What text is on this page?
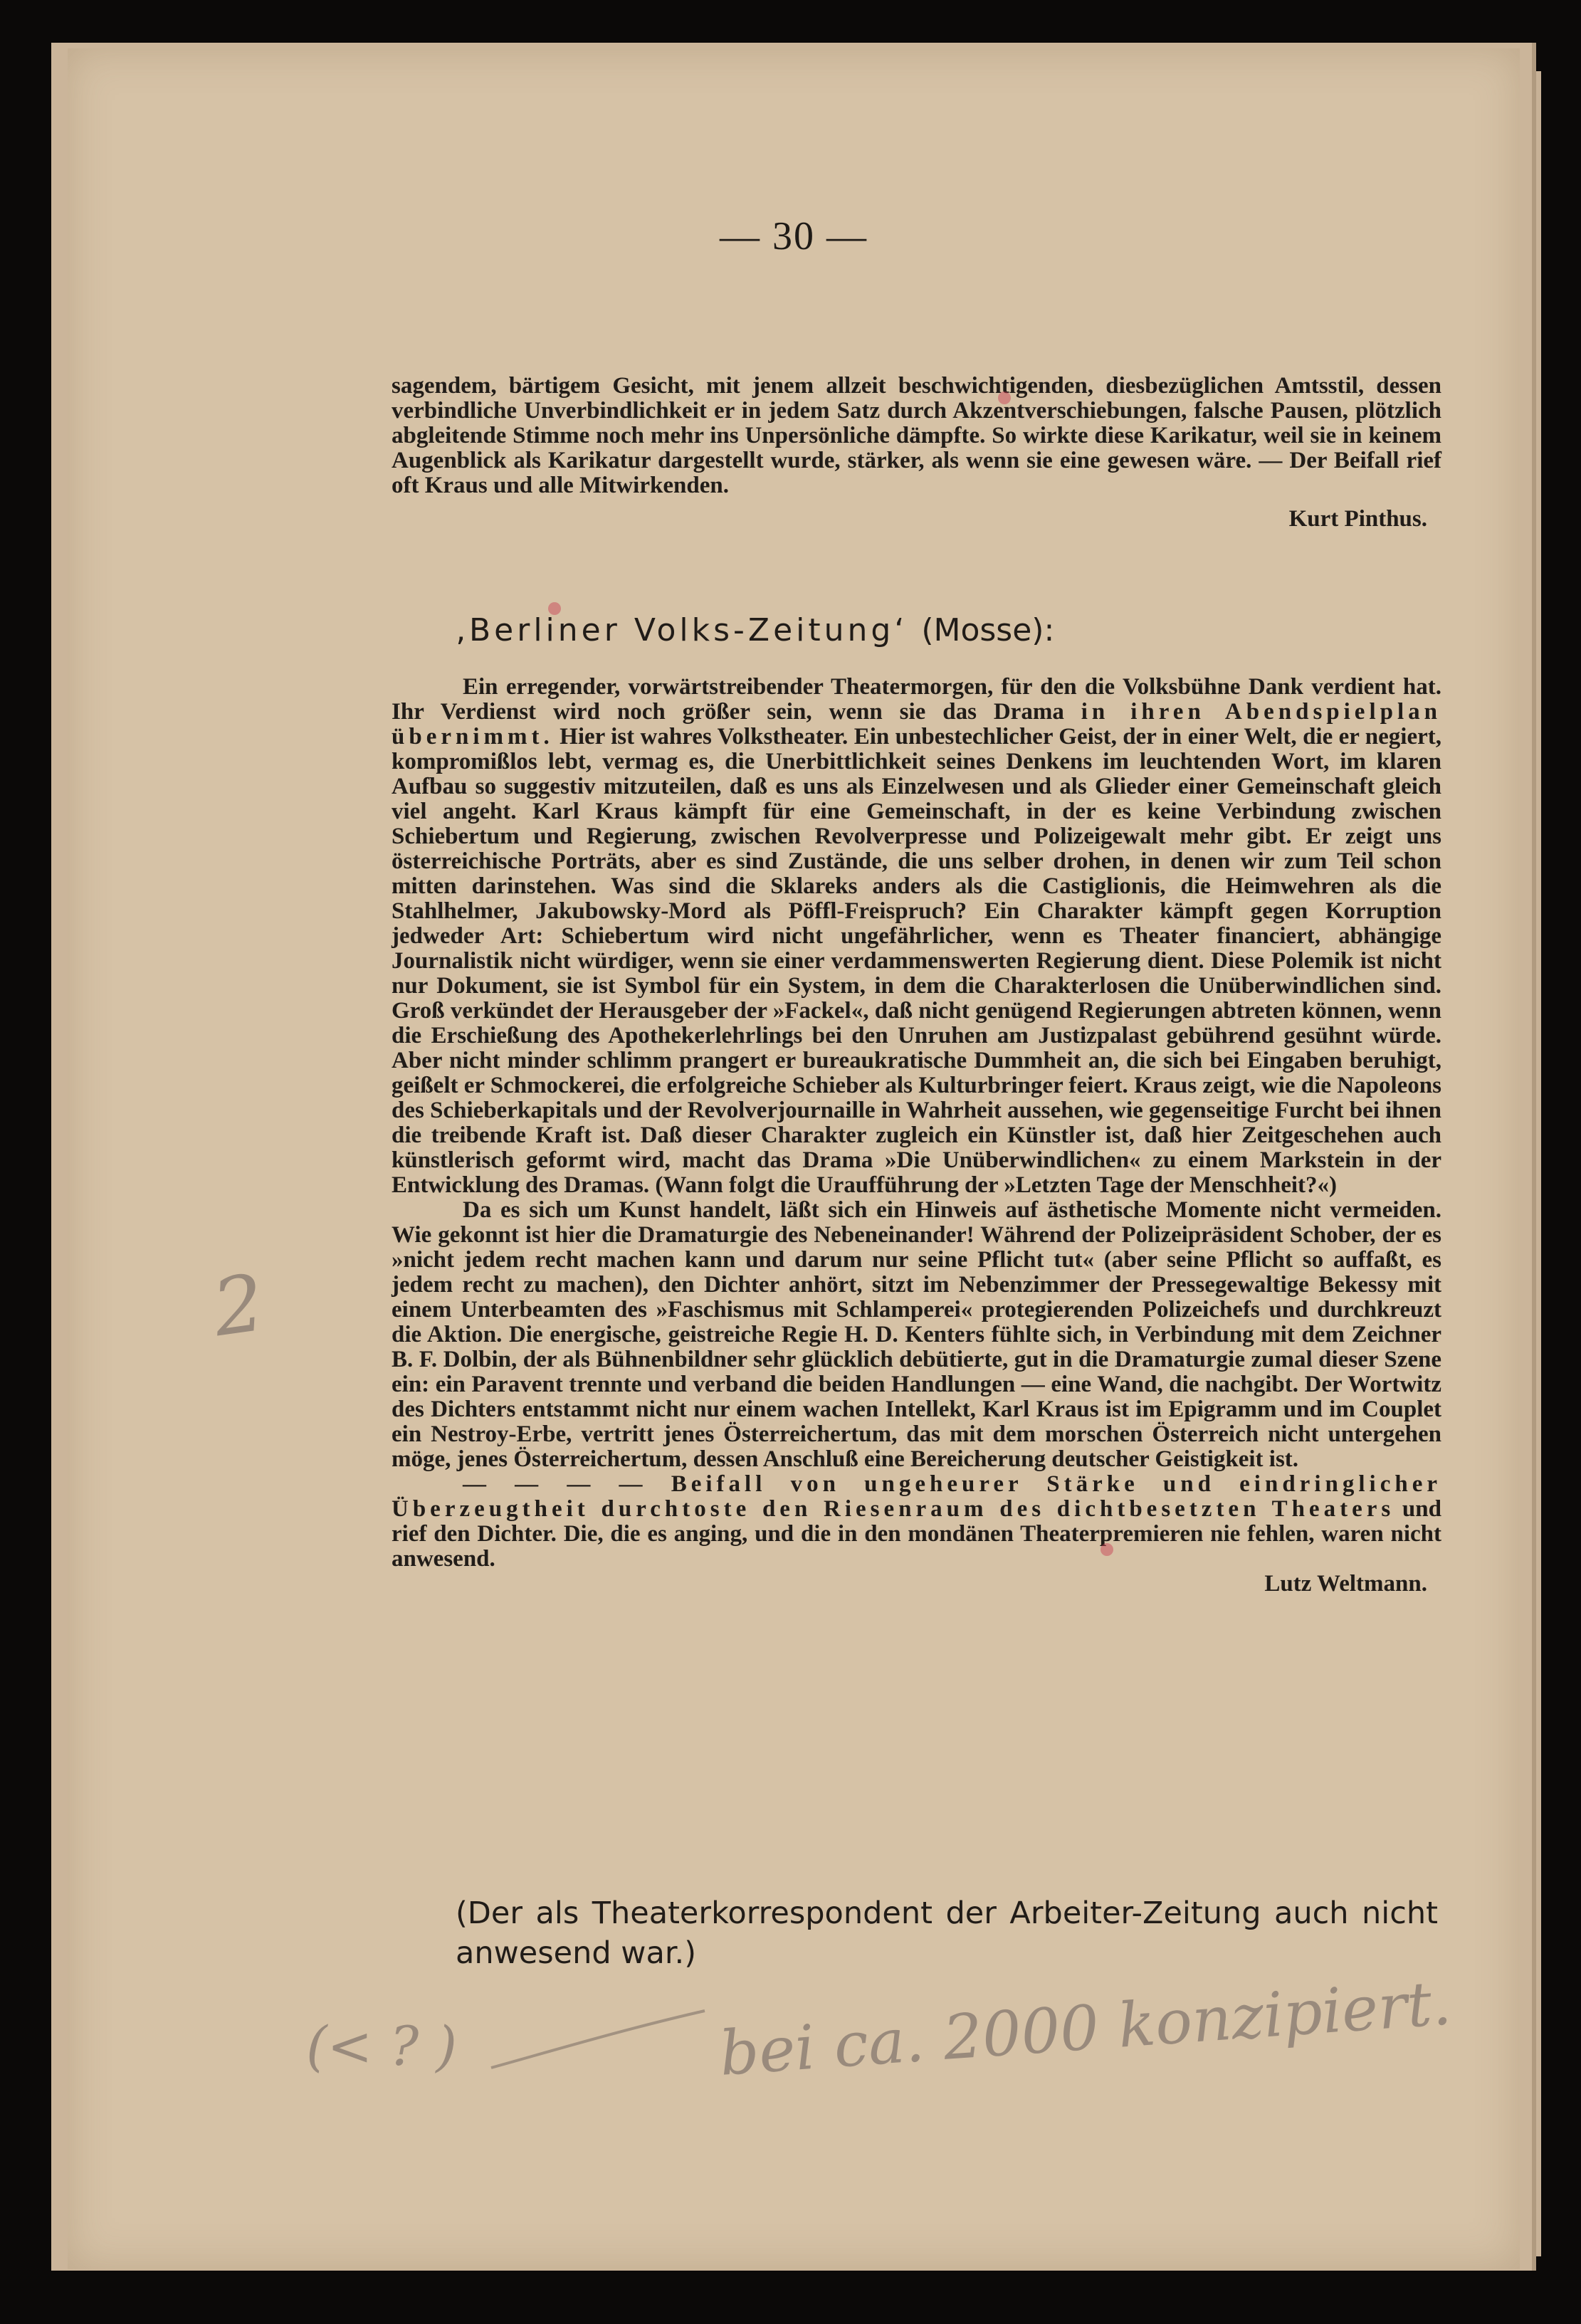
— 30 —

sagendem, bärtigem Gesicht, mit jenem allzeit beschwichtigenden, diesbezüglichen Amtsstil, dessen verbindliche Unverbindlichkeit er in jedem Satz durch Akzentverschiebungen, falsche Pausen, plötzlich abgleitende Stimme noch mehr ins Unpersönliche dämpfte. So wirkte diese Karikatur, weil sie in keinem Augenblick als Karikatur dargestellt wurde, stärker, als wenn sie eine gewesen wäre. — Der Beifall rief oft Kraus und alle Mitwirkenden.

Kurt Pinthus.

‚Berliner Volks-Zeitung‘ (Mosse):

Ein erregender, vorwärtstreibender Theatermorgen, für den die Volksbühne Dank verdient hat. Ihr Verdienst wird noch größer sein, wenn sie das Drama in ihren Abendspielplan übernimmt. Hier ist wahres Volkstheater. Ein unbestechlicher Geist, der in einer Welt, die er negiert, kompromißlos lebt, vermag es, die Unerbittlichkeit seines Denkens im leuchtenden Wort, im klaren Aufbau so suggestiv mitzuteilen, daß es uns als Einzelwesen und als Glieder einer Gemeinschaft gleich viel angeht. Karl Kraus kämpft für eine Gemeinschaft, in der es keine Verbindung zwischen Schiebertum und Regierung, zwischen Revolverpresse und Polizeigewalt mehr gibt. Er zeigt uns österreichische Porträts, aber es sind Zustände, die uns selber drohen, in denen wir zum Teil schon mitten darinstehen. Was sind die Sklareks anders als die Castiglionis, die Heimwehren als die Stahlhelmer, Jakubowsky-Mord als Pöffl-Freispruch? Ein Charakter kämpft gegen Korruption jedweder Art: Schiebertum wird nicht ungefährlicher, wenn es Theater financiert, abhängige Journalistik nicht würdiger, wenn sie einer verdammenswerten Regierung dient. Diese Polemik ist nicht nur Dokument, sie ist Symbol für ein System, in dem die Charakterlosen die Unüberwindlichen sind. Groß verkündet der Herausgeber der »Fackel«, daß nicht genügend Regierungen abtreten können, wenn die Erschießung des Apothekerlehrlings bei den Unruhen am Justizpalast gebührend gesühnt würde. Aber nicht minder schlimm prangert er bureaukratische Dummheit an, die sich bei Eingaben beruhigt, geißelt er Schmockerei, die erfolgreiche Schieber als Kulturbringer feiert. Kraus zeigt, wie die Napoleons des Schieberkapitals und der Revolverjournaille in Wahrheit aussehen, wie gegenseitige Furcht bei ihnen die treibende Kraft ist. Daß dieser Charakter zugleich ein Künstler ist, daß hier Zeitgeschehen auch künstlerisch geformt wird, macht das Drama »Die Unüberwindlichen« zu einem Markstein in der Entwicklung des Dramas. (Wann folgt die Uraufführung der »Letzten Tage der Menschheit?«)

Da es sich um Kunst handelt, läßt sich ein Hinweis auf ästhetische Momente nicht vermeiden. Wie gekonnt ist hier die Dramaturgie des Nebeneinander! Während der Polizeipräsident Schober, der es »nicht jedem recht machen kann und darum nur seine Pflicht tut« (aber seine Pflicht so auffaßt, es jedem recht zu machen), den Dichter anhört, sitzt im Nebenzimmer der Pressegewaltige Bekessy mit einem Unterbeamten des »Faschismus mit Schlamperei« protegierenden Polizeichefs und durchkreuzt die Aktion. Die energische, geistreiche Regie H. D. Kenters fühlte sich, in Verbindung mit dem Zeichner B. F. Dolbin, der als Bühnenbildner sehr glücklich debütierte, gut in die Dramaturgie zumal dieser Szene ein: ein Paravent trennte und verband die beiden Handlungen — eine Wand, die nachgibt. Der Wortwitz des Dichters entstammt nicht nur einem wachen Intellekt, Karl Kraus ist im Epigramm und im Couplet ein Nestroy-Erbe, vertritt jenes Österreichertum, das mit dem morschen Österreich nicht untergehen möge, jenes Österreichertum, dessen Anschluß eine Bereicherung deutscher Geistigkeit ist.

— — — — Beifall von ungeheurer Stärke und eindringlicher Überzeugtheit durchtoste den Riesenraum des dichtbesetzten Theaters und rief den Dichter. Die, die es anging, und die in den mondänen Theaterpremieren nie fehlen, waren nicht anwesend.

Lutz Weltmann.

(Der als Theaterkorrespondent der Arbeiter-Zeitung auch nicht anwesend war.)
2
(< ? )	bei ca. 2000 konzipiert.
